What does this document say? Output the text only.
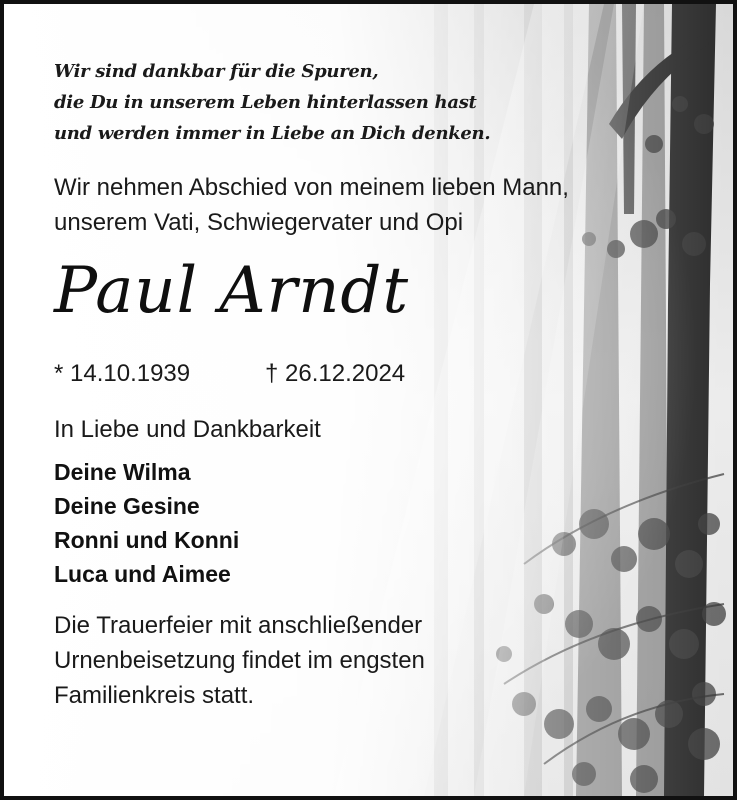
Wir sind dankbar für die Spuren,
die Du in unserem Leben hinterlassen hast
und werden immer in Liebe an Dich denken.
Wir nehmen Abschied von meinem lieben Mann,
unserem Vati, Schwiegervater und Opi
Paul Arndt
* 14.10.1939	† 26.12.2024
In Liebe und Dankbarkeit
Deine Wilma
Deine Gesine
Ronni und Konni
Luca und Aimee
Die Trauerfeier mit anschließender
Urnenbeisetzung findet im engsten
Familienkreis statt.
